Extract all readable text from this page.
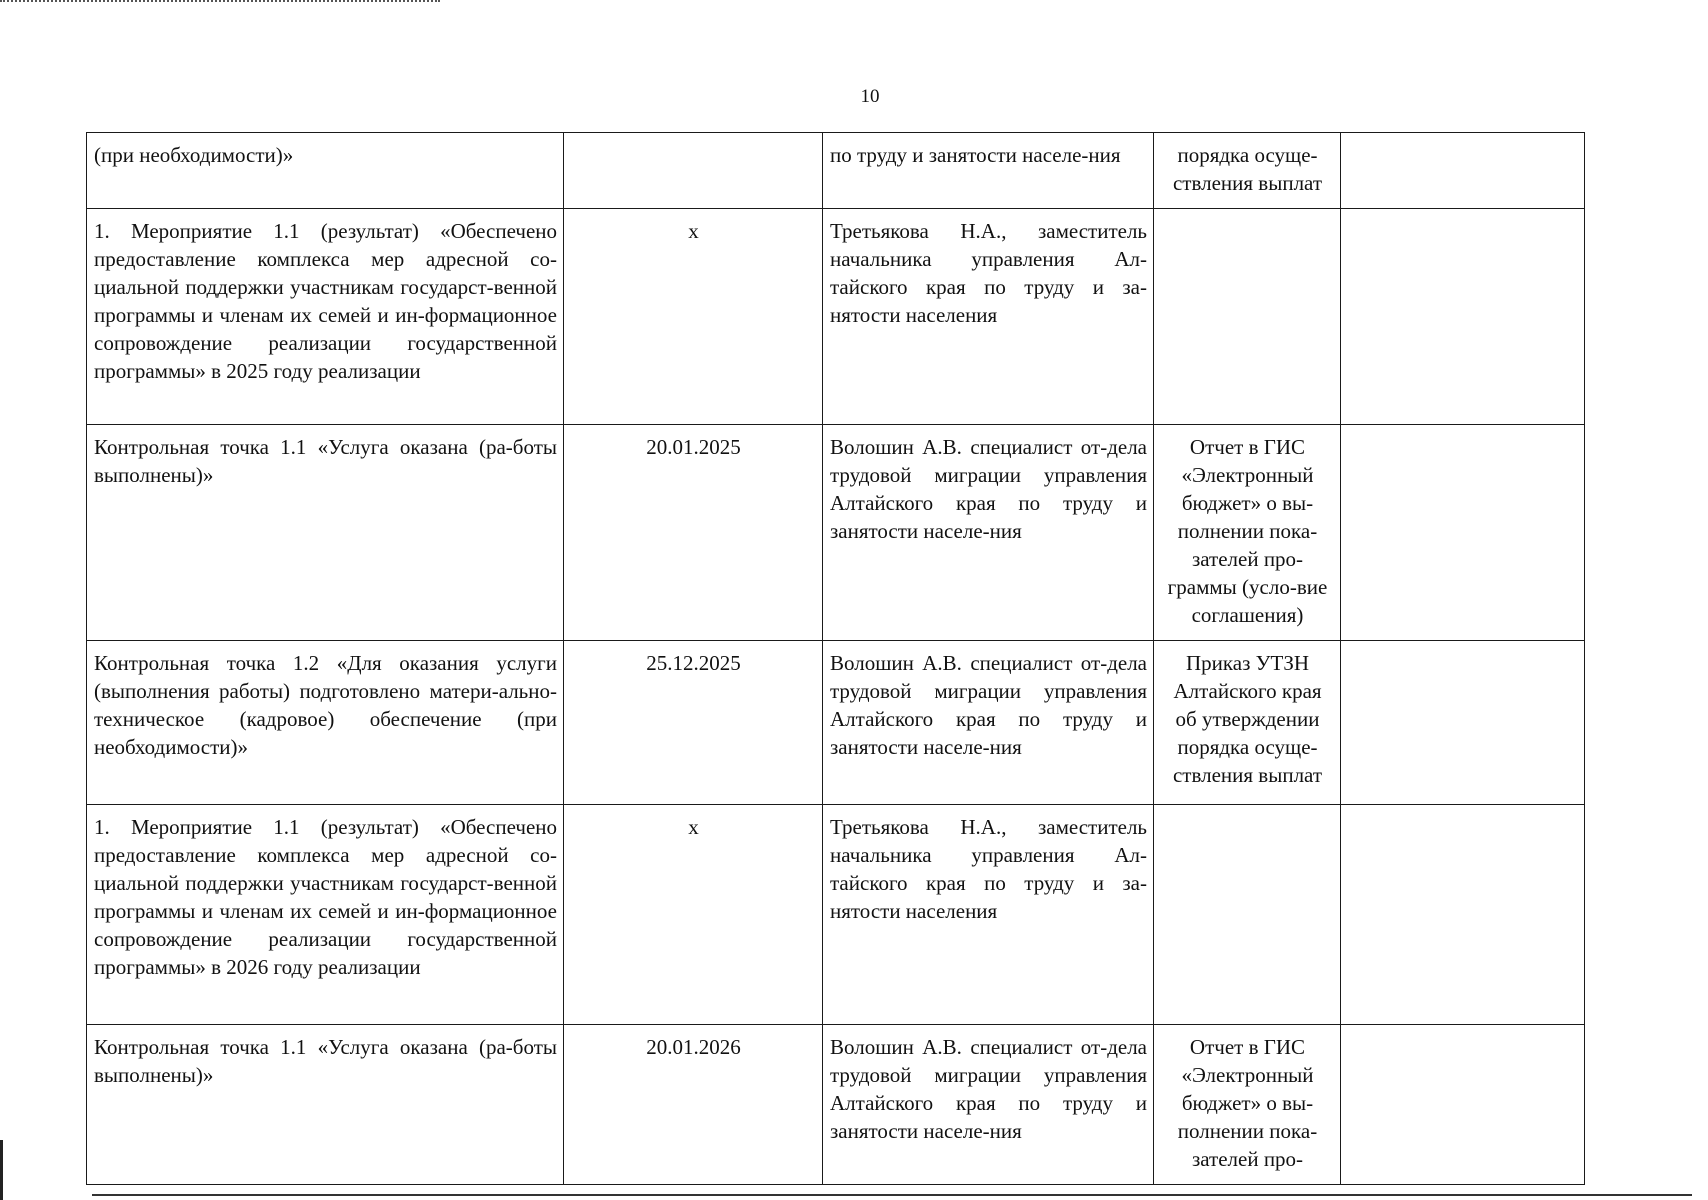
10
(при необходимости)»		по труду и занятости населе-ния	порядка осуще-ствления выплат	
1. Мероприятие 1.1 (результат) «Обеспечено предоставление комплекса мер адресной со-циальной поддержки участникам государст-венной программы и членам их семей и ин-формационное сопровождение реализации государственной программы» в 2025 году реализации	x	Третьякова Н.А., заместитель начальника управления Ал-тайского края по труду и за-нятости населения		
Контрольная точка 1.1 «Услуга оказана (ра-боты выполнены)»	20.01.2025	Волошин А.В. специалист от-дела трудовой миграции управления Алтайского края по труду и занятости населе-ния	Отчет в ГИС «Электронный бюджет» о вы-полнении пока-зателей про-граммы (усло-вие соглашения)	
Контрольная точка 1.2 «Для оказания услуги (выполнения работы) подготовлено матери-ально-техническое (кадровое) обеспечение (при необходимости)»	25.12.2025	Волошин А.В. специалист от-дела трудовой миграции управления Алтайского края по труду и занятости населе-ния	Приказ УТЗН Алтайского края об утверждении порядка осуще-ствления выплат	
1. Мероприятие 1.1 (результат) «Обеспечено предоставление комплекса мер адресной со-циальной поддержки участникам государст-венной программы и членам их семей и ин-формационное сопровождение реализации государственной программы» в 2026 году реализации	x	Третьякова Н.А., заместитель начальника управления Ал-тайского края по труду и за-нятости населения		
Контрольная точка 1.1 «Услуга оказана (ра-боты выполнены)»	20.01.2026	Волошин А.В. специалист от-дела трудовой миграции управления Алтайского края по труду и занятости населе-ния	Отчет в ГИС «Электронный бюджет» о вы-полнении пока-зателей про-	
